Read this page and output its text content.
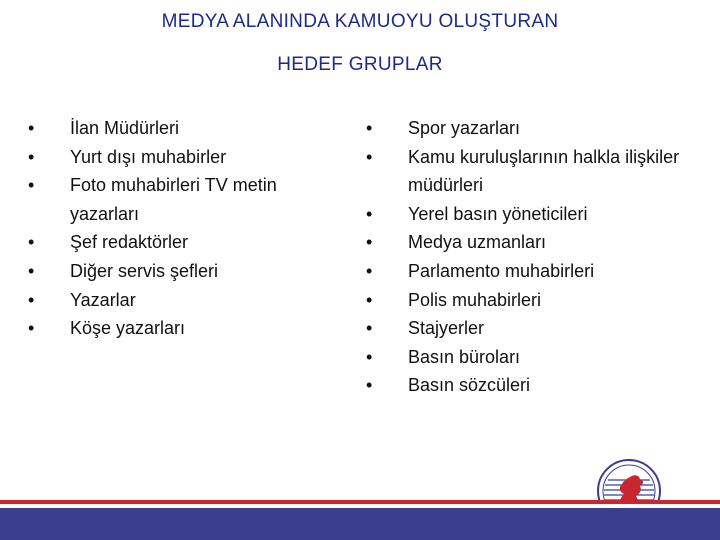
MEDYA ALANINDA KAMUOYU OLUŞTURAN
HEDEF GRUPLAR
• İlan Müdürleri
• Yurt dışı muhabirler
• Foto muhabirleri TV metin yazarları
• Şef redaktörler
• Diğer servis şefleri
• Yazarlar
• Köşe yazarları
• Spor yazarları
• Kamu kuruluşlarının halkla ilişkiler müdürleri
• Yerel basın yöneticileri
• Medya uzmanları
• Parlamento muhabirleri
• Polis muhabirleri
• Stajyerler
• Basın büroları
• Basın sözcüleri
